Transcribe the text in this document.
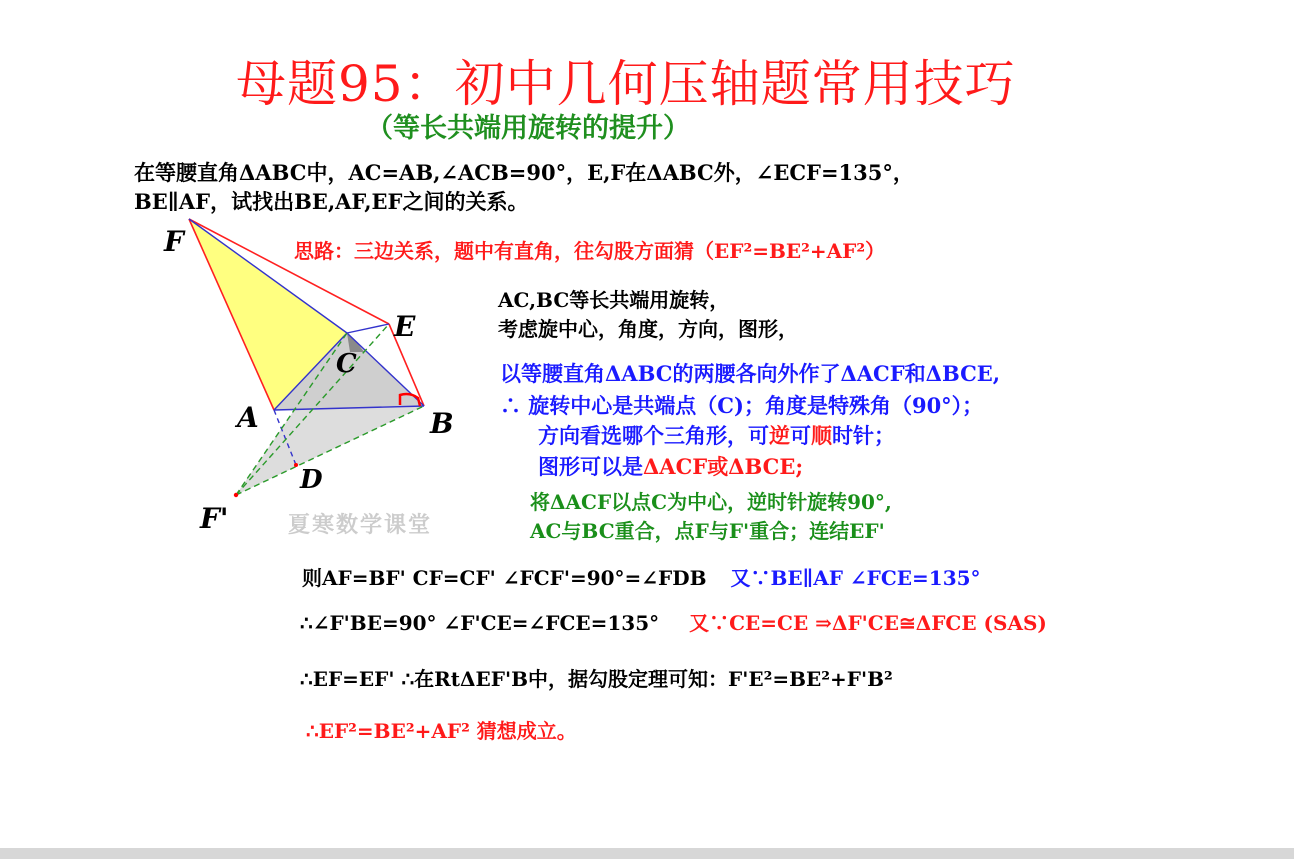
母题95：初中几何压轴题常用技巧
（等长共端用旋转的提升）
在等腰直角ΔABC中，AC=AB,∠ACB=90°，E,F在ΔABC外，∠ECF=135°，
BE∥AF，试找出BE,AF,EF之间的关系。
思路：三边关系，题中有直角，往勾股方面猜（EF²=BE²+AF²）
AC,BC等长共端用旋转，
考虑旋中心，角度，方向，图形，
以等腰直角ΔABC的两腰各向外作了ΔACF和ΔBCE,
∴ 旋转中心是共端点（C)；角度是特殊角（90°）；
方向看选哪个三角形，可逆可顺时针；
图形可以是ΔACF或ΔBCE;
将ΔACF以点C为中心，逆时针旋转90°,
AC与BC重合，点F与F'重合；连结EF'
夏寒数学课堂
则AF=BF' CF=CF' ∠FCF'=90°=∠FDB 又∵BE∥AF ∠FCE=135°
∴∠F'BE=90° ∠F'CE=∠FCE=135° 又∵CE=CE ⇒ΔF'CE≅ΔFCE (SAS)
∴EF=EF' ∴在RtΔEF'B中，据勾股定理可知：F'E²=BE²+F'B²
∴EF²=BE²+AF² 猜想成立。
F
E
C
A	B
D
F'
